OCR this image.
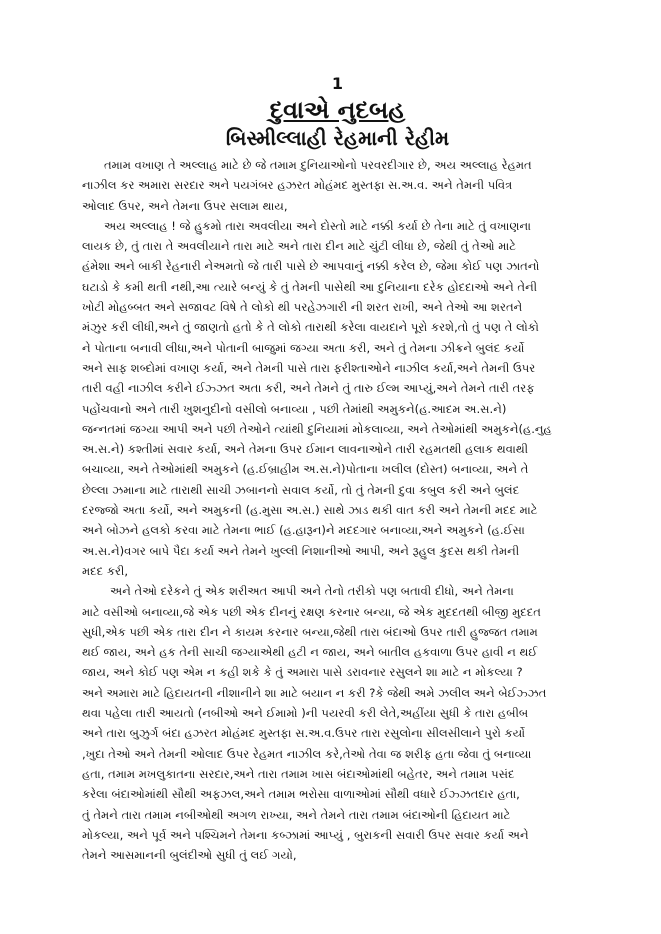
1
દુવાએ નુદબહ
બિસ્મીલ્લાહી રેહમાની રેહીમ
તમામ વખાણ તે અલ્લાહ માટે છે જે તમામ દુનિયાઓનો પરવરદીગાર છે, અય અલ્લાહ રેહમત
નાઝીલ કર અમારા સરદાર અને પયગંબર હઝરત મોહંમદ મુસ્તફા સ.અ.વ. અને તેમની પવિત્ર
ઓલાદ ઉપર, અને તેમના ઉપર સલામ થાય,
અય અલ્લાહ ! જે હુકમો તારા અવલીયા અને દોસ્તો માટે નક્કી કર્યા છે તેના માટે તું વખાણના
લાયક છે, તું તારા તે અવલીયાને તારા માટે અને તારા દીન માટે ચુંટી લીધા છે, જેથી તું તેઓ માટે
હંમેશા અને બાકી રેહનારી નેઅમતો જે તારી પાસે છે આપવાનું નક્કી કરેલ છે, જેમા કોઈ પણ ઝાતનો
ઘટાડો કે કમી થતી નથી,આ ત્યારે બન્યું કે તું તેમની પાસેથી આ દુનિયાના દરેક હોદદાઓ અને તેની
ખોટી મોહબ્બત અને સજાવટ વિષે તે લોકો થી પરહેઝગારી ની શરત રાખી, અને તેઓ આ શરતને
મંઝુર કરી લીધી,અને તું જાણતો હતો કે તે લોકો તારાથી કરેલા વાયદાને પૂરો કરશે,તો તું પણ તે લોકો
ને પોતાના બનાવી લીધા,અને પોતાની બાજુમાં જગ્યા અતા કરી, અને તું તેમના ઝીક્રને બુલંદ કર્યો
અને સાફ શબ્દોમાં વખાણ કર્યા, અને તેમની પાસે તારા ફરીશ્તાઓને નાઝીલ કર્યા,અને તેમની ઉપર
તારી વહી નાઝીલ કરીને ઈઝ્ઝત અતા કરી, અને તેમને તું તારુ ઈલ્મ આપ્યું,અને તેમને તારી તરફ
પહોંચવાનો અને તારી ખુશનુદીનો વસીલો બનાવ્યા , પછી તેમાંથી અમુકને(હ.આદમ અ.સ.ને)
જન્નતમાં જગ્યા આપી અને પછી તેઓને ત્યાંથી દુનિયામાં મોકલાવ્યા, અને તેઓમાંથી અમુકને(હ.નુહ
અ.સ.ને) કશ્તીમાં સવાર કર્યા, અને તેમના ઉપર ઈમાન લાવનાઓને તારી રહમતથી હલાક થવાથી
બચાવ્યા, અને તેઓમાંથી અમુકને (હ.ઈબ્રાહીમ અ.સ.ને)પોતાના ખલીલ (દોસ્ત) બનાવ્યા, અને તે
છેલ્લા ઝમાના માટે તારાથી સાચી ઝબાનનો સવાલ કર્યો, તો તું તેમની દુવા કબુલ કરી અને બુલંદ
દરજ્જો અતા કર્યો, અને અમુકની (હ.મુસા અ.સ.) સાથે ઝાડ થકી વાત કરી અને તેમની મદદ માટે
અને બોઝને હલકો કરવા માટે તેમના ભાઈ (હ.હારૂન)ને મદદગાર બનાવ્યા,અને અમુકને (હ.ઈસા
અ.સ.ને)વગર બાપે પૈદા કર્યા અને તેમને ખુલ્લી નિશાનીઓ આપી, અને રૂહુલ કુદસ થકી તેમની
મદદ કરી,
અને તેઓ દરેકને તું એક શરીઅત આપી અને તેનો તરીકો પણ બતાવી દીધો, અને તેમના
માટે વસીઓ બનાવ્યા,જે એક પછી એક દીનનું રક્ષણ કરનાર બન્યા, જે એક મુદદતથી બીજી મુદદત
સુધી,એક પછી એક તારા દીન ને કાયમ કરનાર બન્યા,જેથી તારા બંદાઓ ઉપર તારી હુજ્જત તમામ
થઈ જાય, અને હક તેની સાચી જગ્યાએથી હટી ન જાય, અને બાતીલ હકવાળા ઉપર હાવી ન થઈ
જાય, અને કોઈ પણ એમ ન કહી શકે કે તું અમારા પાસે ડરાવનાર રસુલને શા માટે ન મોકલ્યા ?
અને અમારા માટે હિદાયતની નીશાનીને શા માટે બયાન ન કરી ?કે જેથી અમે ઝલીલ અને બેઈઝ્ઝત
થવા પહેલા તારી આયતો (નબીઓ અને ઈમામો )ની પયરવી કરી લેતે,અહીંયા સુધી કે તારા હબીબ
અને તારા બુઝુર્ગ બંદા હઝરત મોહંમદ મુસ્તફા સ.અ.વ.ઉપર તારા રસુલોના સીલસીલાને પુરો કર્યો
,ખુદા તેઓ અને તેમની ઓલાદ ઉપર રેહમત નાઝીલ કરે,તેઓ તેવા જ શરીફ હતા જેવા તું બનાવ્યા
હતા, તમામ મખલુકાતના સરદાર,અને તારા તમામ ખાસ બંદાઓમાંથી બહેતર, અને તમામ પસંદ
કરેલા બંદાઓમાંથી સૌથી અફઝલ,અને તમામ ભરોસા વાળાઓમાં સૌથી વધારે ઈઝ્ઝતદાર હતા,
તું તેમને તારા તમામ નબીઓથી અગળ રાખ્યા, અને તેમને તારા તમામ બંદાઓની હિદાયત માટે
મોકલ્યા, અને પૂર્વ અને પશ્ચિમને તેમના કબ્ઝામાં આપ્યું , બુરાકની સવારી ઉપર સવાર કર્યા અને
તેમને આસમાનની બુલંદીઓ સુધી તું લઈ ગયો,
